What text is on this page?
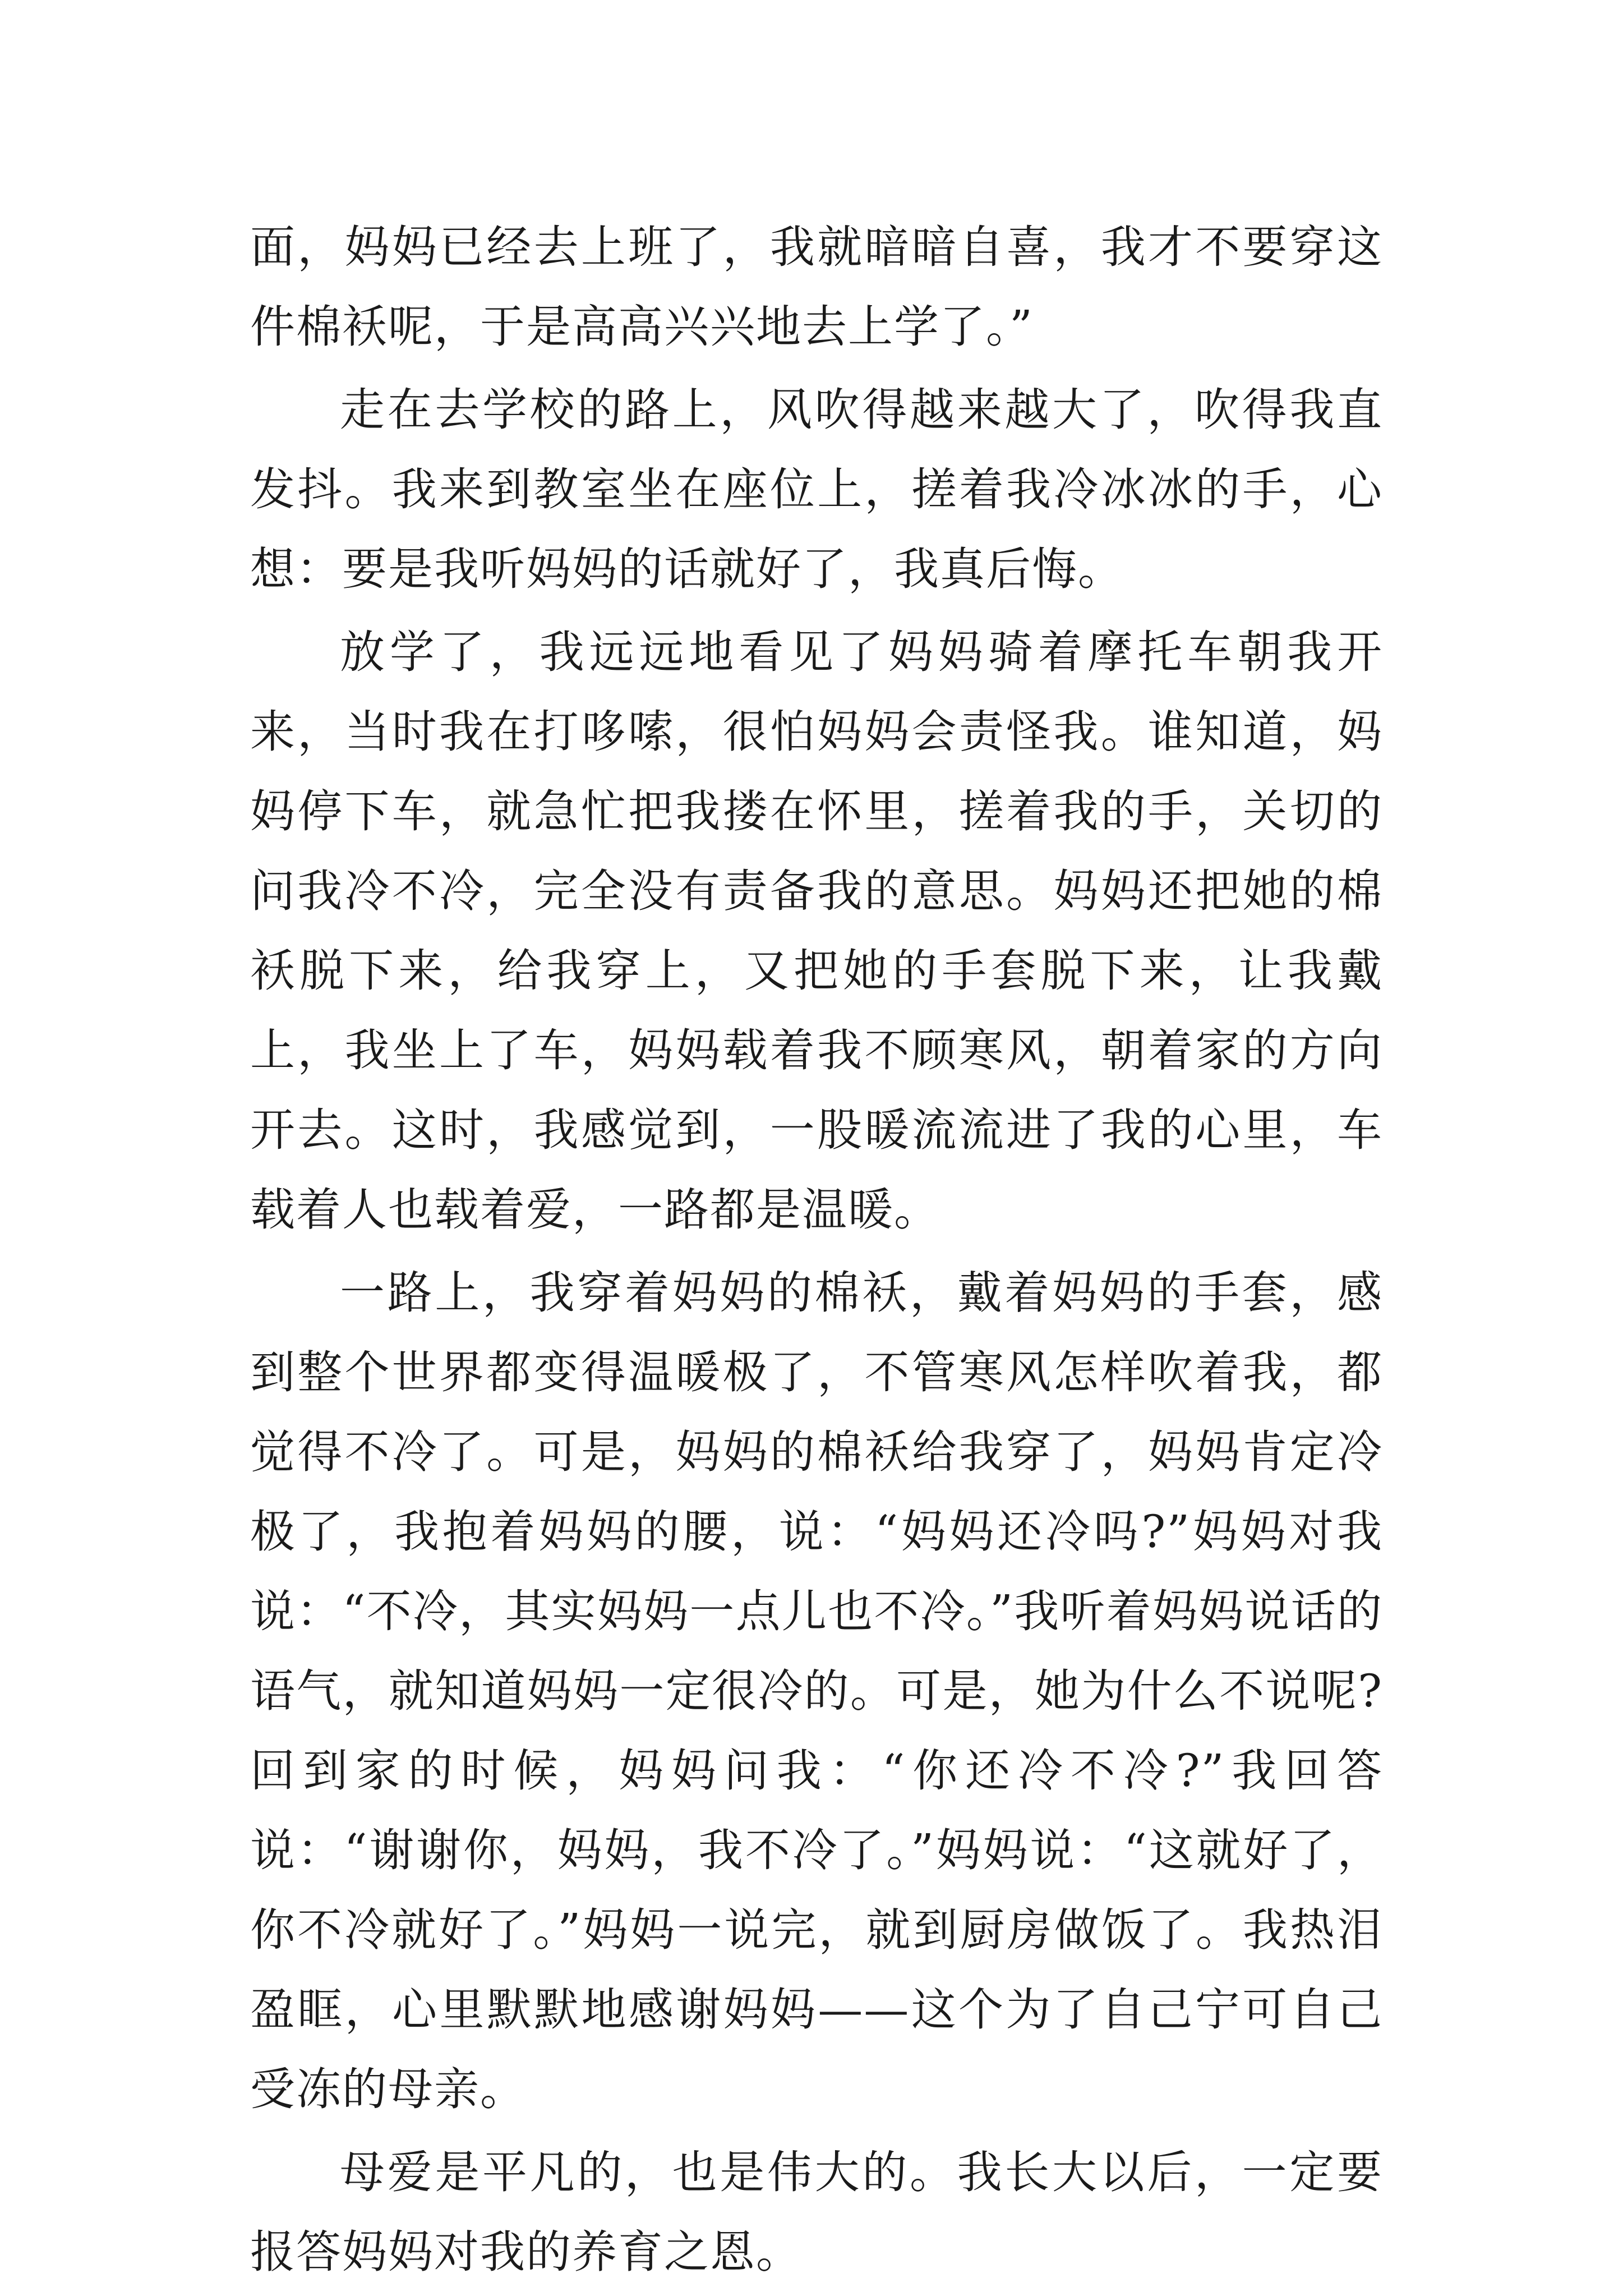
面，妈妈已经去上班了，我就暗暗自喜，我才不要穿这件棉袄呢，于是高高兴兴地去上学了。”

走在去学校的路上，风吹得越来越大了，吹得我直发抖。我来到教室坐在座位上，搓着我冷冰冰的手，心想：要是我听妈妈的话就好了，我真后悔。

放学了，我远远地看见了妈妈骑着摩托车朝我开来，当时我在打哆嗦，很怕妈妈会责怪我。谁知道，妈妈停下车，就急忙把我搂在怀里，搓着我的手，关切的问我冷不冷，完全没有责备我的意思。妈妈还把她的棉袄脱下来，给我穿上，又把她的手套脱下来，让我戴上，我坐上了车，妈妈载着我不顾寒风，朝着家的方向开去。这时，我感觉到，一股暖流流进了我的心里，车载着人也载着爱，一路都是温暖。

一路上，我穿着妈妈的棉袄，戴着妈妈的手套，感到整个世界都变得温暖极了，不管寒风怎样吹着我，都觉得不冷了。可是，妈妈的棉袄给我穿了，妈妈肯定冷极了，我抱着妈妈的腰，说：“妈妈还冷吗?”妈妈对我说：“不冷，其实妈妈一点儿也不冷。”我听着妈妈说话的语气，就知道妈妈一定很冷的。可是，她为什么不说呢?回到家的时候，妈妈问我：“你还冷不冷?”我回答说：“谢谢你，妈妈，我不冷了。”妈妈说：“这就好了，你不冷就好了。”妈妈一说完，就到厨房做饭了。我热泪盈眶，心里默默地感谢妈妈——这个为了自己宁可自己受冻的母亲。

母爱是平凡的，也是伟大的。我长大以后，一定要报答妈妈对我的养育之恩。
